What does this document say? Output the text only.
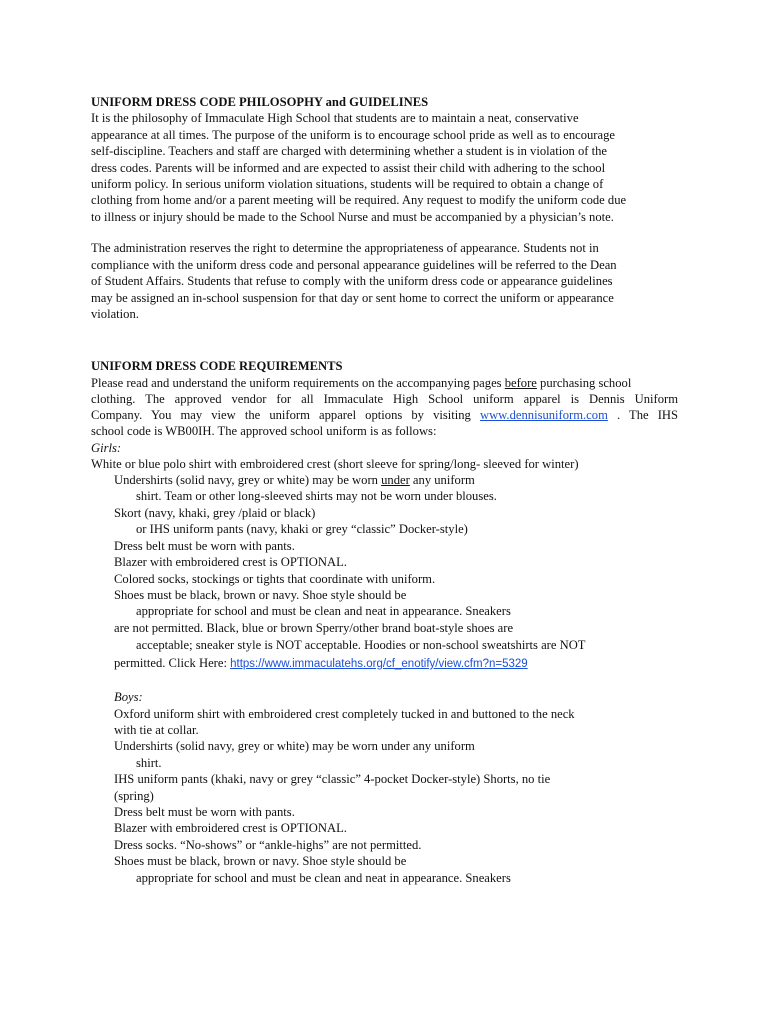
UNIFORM DRESS CODE PHILOSOPHY and GUIDELINES
It is the philosophy of Immaculate High School that students are to maintain a neat, conservative
appearance at all times. The purpose of the uniform is to encourage school pride as well as to encourage
self-discipline. Teachers and staff are charged with determining whether a student is in violation of the
dress codes. Parents will be informed and are expected to assist their child with adhering to the school
uniform policy. In serious uniform violation situations, students will be required to obtain a change of
clothing from home and/or a parent meeting will be required. Any request to modify the uniform code due
to illness or injury should be made to the School Nurse and must be accompanied by a physician’s note.
The administration reserves the right to determine the appropriateness of appearance. Students not in
compliance with the uniform dress code and personal appearance guidelines will be referred to the Dean
of Student Affairs. Students that refuse to comply with the uniform dress code or appearance guidelines
may be assigned an in-school suspension for that day or sent home to correct the uniform or appearance
violation.
UNIFORM DRESS CODE REQUIREMENTS
Please read and understand the uniform requirements on the accompanying pages before purchasing school
clothing. The approved vendor for all Immaculate High School uniform apparel is Dennis Uniform
Company. You may view the uniform apparel options by visiting www.dennisuniform.com . The IHS
school code is WB00IH. The approved school uniform is as follows:
Girls:
White or blue polo shirt with embroidered crest (short sleeve for spring/long- sleeved for winter)
Undershirts (solid navy, grey or white) may be worn under any uniform
shirt. Team or other long-sleeved shirts may not be worn under blouses.
Skort (navy, khaki, grey /plaid or black)
or IHS uniform pants (navy, khaki or grey “classic” Docker-style)
Dress belt must be worn with pants.
Blazer with embroidered crest is OPTIONAL.
Colored socks, stockings or tights that coordinate with uniform.
Shoes must be black, brown or navy. Shoe style should be
appropriate for school and must be clean and neat in appearance. Sneakers
are not permitted. Black, blue or brown Sperry/other brand boat-style shoes are
acceptable; sneaker style is NOT acceptable. Hoodies or non-school sweatshirts are NOT
permitted. Click Here: https://www.immaculatehs.org/cf_enotify/view.cfm?n=5329
Boys:
Oxford uniform shirt with embroidered crest completely tucked in and buttoned to the neck
with tie at collar.
Undershirts (solid navy, grey or white) may be worn under any uniform
shirt.
IHS uniform pants (khaki, navy or grey “classic” 4-pocket Docker-style) Shorts, no tie
(spring)
Dress belt must be worn with pants.
Blazer with embroidered crest is OPTIONAL.
Dress socks. “No-shows” or “ankle-highs” are not permitted.
Shoes must be black, brown or navy. Shoe style should be
appropriate for school and must be clean and neat in appearance. Sneakers
